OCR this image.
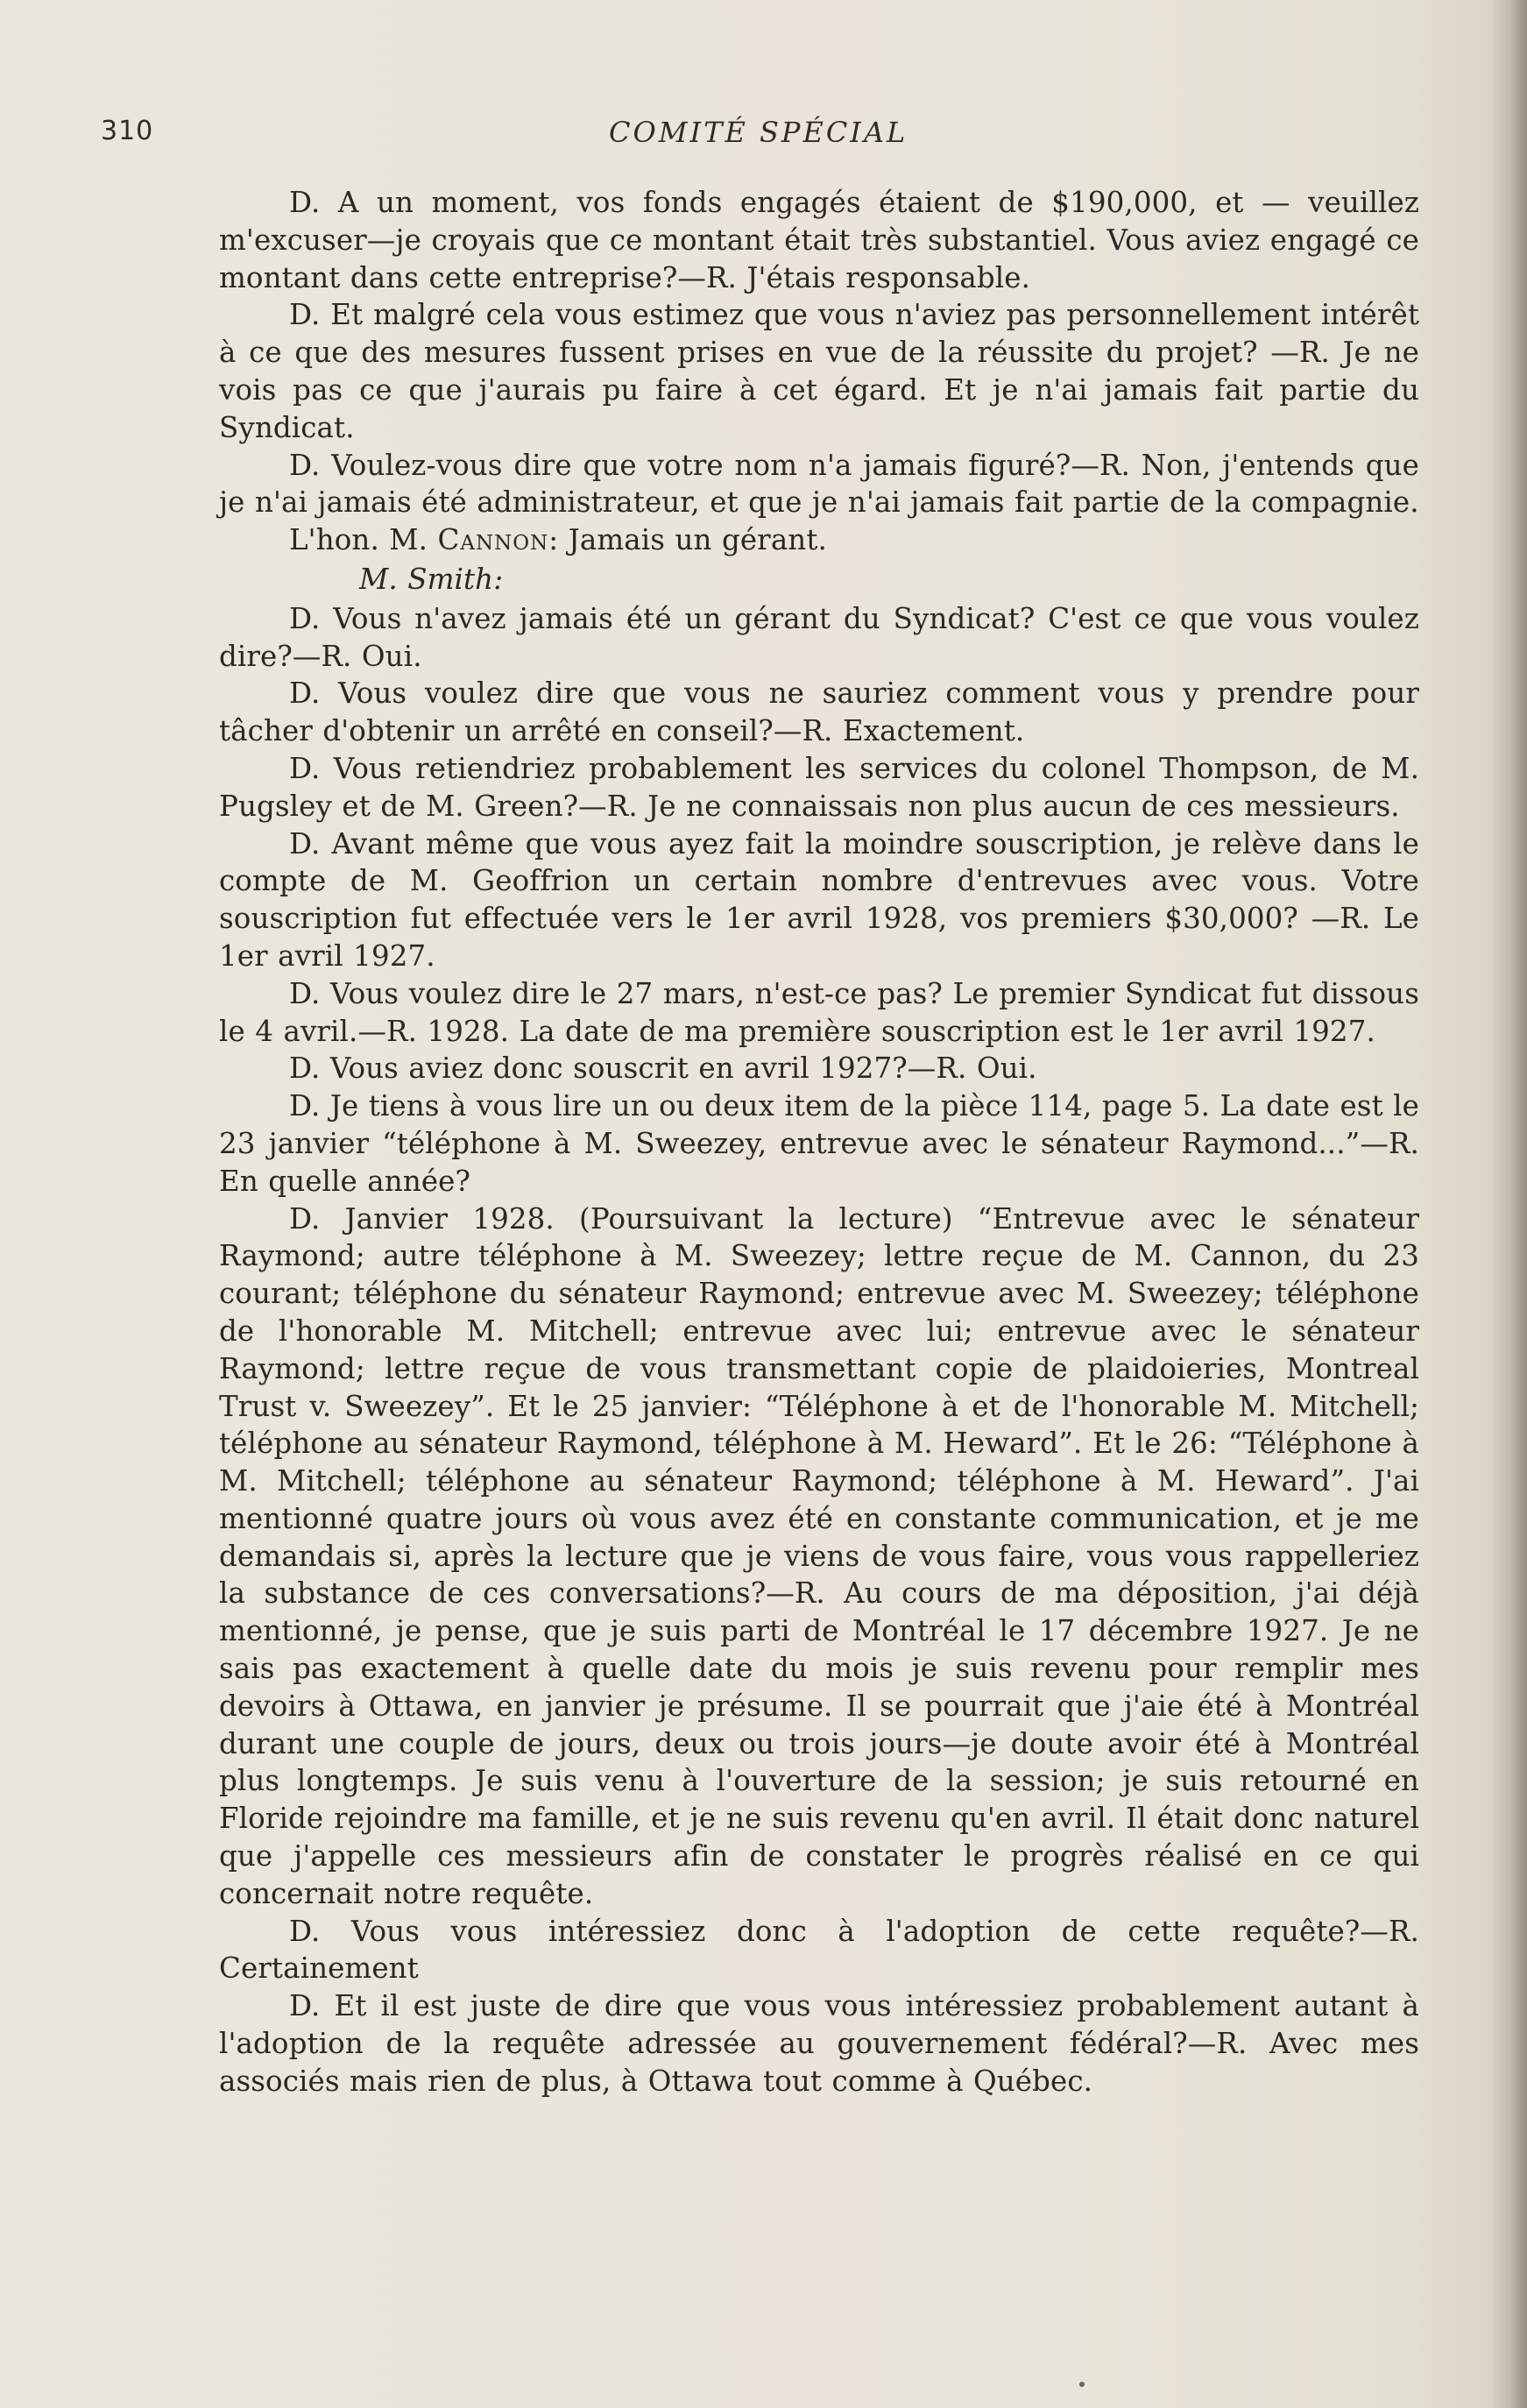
310	COMITÉ SPÉCIAL

D. A un moment, vos fonds engagés étaient de $190,000, et — veuillez m'excuser—je croyais que ce montant était très substantiel. Vous aviez engagé ce montant dans cette entreprise?—R. J'étais responsable.

D. Et malgré cela vous estimez que vous n'aviez pas personnellement intérêt à ce que des mesures fussent prises en vue de la réussite du projet? —R. Je ne vois pas ce que j'aurais pu faire à cet égard. Et je n'ai jamais fait partie du Syndicat.

D. Voulez-vous dire que votre nom n'a jamais figuré?—R. Non, j'entends que je n'ai jamais été administrateur, et que je n'ai jamais fait partie de la compagnie.

L'hon. M. Cannon: Jamais un gérant.

M. Smith:

D. Vous n'avez jamais été un gérant du Syndicat? C'est ce que vous voulez dire?—R. Oui.

D. Vous voulez dire que vous ne sauriez comment vous y prendre pour tâcher d'obtenir un arrêté en conseil?—R. Exactement.

D. Vous retiendriez probablement les services du colonel Thompson, de M. Pugsley et de M. Green?—R. Je ne connaissais non plus aucun de ces messieurs.

D. Avant même que vous ayez fait la moindre souscription, je relève dans le compte de M. Geoffrion un certain nombre d'entrevues avec vous. Votre souscription fut effectuée vers le 1er avril 1928, vos premiers $30,000? —R. Le 1er avril 1927.

D. Vous voulez dire le 27 mars, n'est-ce pas? Le premier Syndicat fut dissous le 4 avril.—R. 1928. La date de ma première souscription est le 1er avril 1927.

D. Vous aviez donc souscrit en avril 1927?—R. Oui.

D. Je tiens à vous lire un ou deux item de la pièce 114, page 5. La date est le 23 janvier “téléphone à M. Sweezey, entrevue avec le sénateur Raymond...”—R. En quelle année?

D. Janvier 1928. (Poursuivant la lecture) “Entrevue avec le sénateur Raymond; autre téléphone à M. Sweezey; lettre reçue de M. Cannon, du 23 courant; téléphone du sénateur Raymond; entrevue avec M. Sweezey; téléphone de l'honorable M. Mitchell; entrevue avec lui; entrevue avec le sénateur Raymond; lettre reçue de vous transmettant copie de plaidoieries, Montreal Trust v. Sweezey”. Et le 25 janvier: “Téléphone à et de l'honorable M. Mitchell; téléphone au sénateur Raymond, téléphone à M. Heward”. Et le 26: “Téléphone à M. Mitchell; téléphone au sénateur Raymond; téléphone à M. Heward”. J'ai mentionné quatre jours où vous avez été en constante communication, et je me demandais si, après la lecture que je viens de vous faire, vous vous rappelleriez la substance de ces conversations?—R. Au cours de ma déposition, j'ai déjà mentionné, je pense, que je suis parti de Montréal le 17 décembre 1927. Je ne sais pas exactement à quelle date du mois je suis revenu pour remplir mes devoirs à Ottawa, en janvier je présume. Il se pourrait que j'aie été à Montréal durant une couple de jours, deux ou trois jours—je doute avoir été à Montréal plus longtemps. Je suis venu à l'ouverture de la session; je suis retourné en Floride rejoindre ma famille, et je ne suis revenu qu'en avril. Il était donc naturel que j'appelle ces messieurs afin de constater le progrès réalisé en ce qui concernait notre requête.

D. Vous vous intéressiez donc à l'adoption de cette requête?—R. Certainement

D. Et il est juste de dire que vous vous intéressiez probablement autant à l'adoption de la requête adressée au gouvernement fédéral?—R. Avec mes associés mais rien de plus, à Ottawa tout comme à Québec.
